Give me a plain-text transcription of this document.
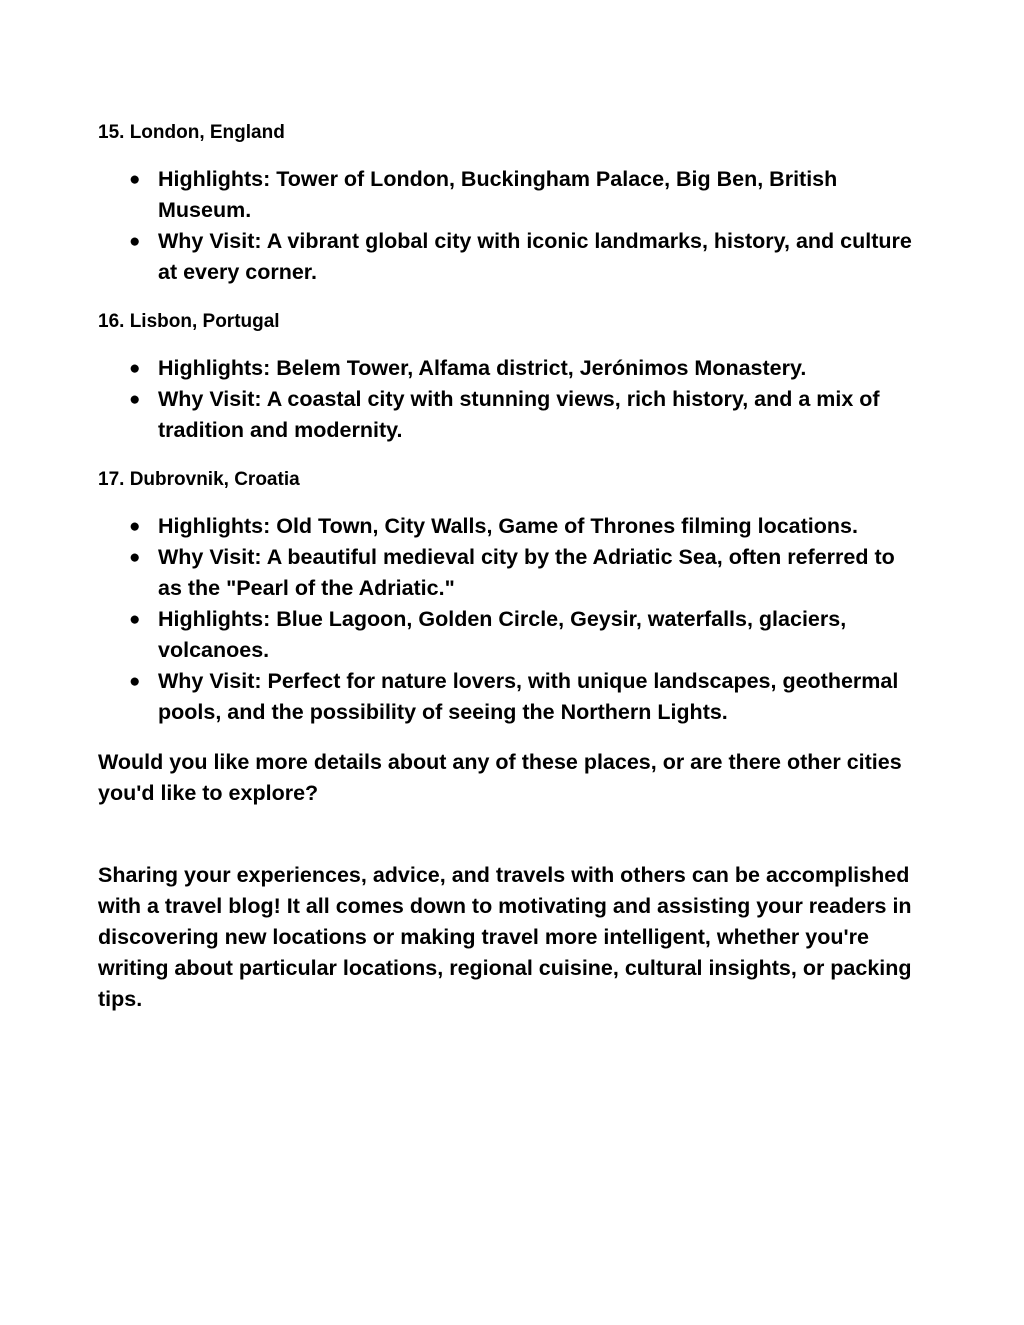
15. London, England
● Highlights: Tower of London, Buckingham Palace, Big Ben, British Museum.
● Why Visit: A vibrant global city with iconic landmarks, history, and culture at every corner.
16. Lisbon, Portugal
● Highlights: Belem Tower, Alfama district, Jerónimos Monastery.
● Why Visit: A coastal city with stunning views, rich history, and a mix of tradition and modernity.
17. Dubrovnik, Croatia
● Highlights: Old Town, City Walls, Game of Thrones filming locations.
● Why Visit: A beautiful medieval city by the Adriatic Sea, often referred to as the "Pearl of the Adriatic."
● Highlights: Blue Lagoon, Golden Circle, Geysir, waterfalls, glaciers, volcanoes.
● Why Visit: Perfect for nature lovers, with unique landscapes, geothermal pools, and the possibility of seeing the Northern Lights.

Would you like more details about any of these places, or are there other cities you'd like to explore?

Sharing your experiences, advice, and travels with others can be accomplished with a travel blog! It all comes down to motivating and assisting your readers in discovering new locations or making travel more intelligent, whether you're writing about particular locations, regional cuisine, cultural insights, or packing tips.
